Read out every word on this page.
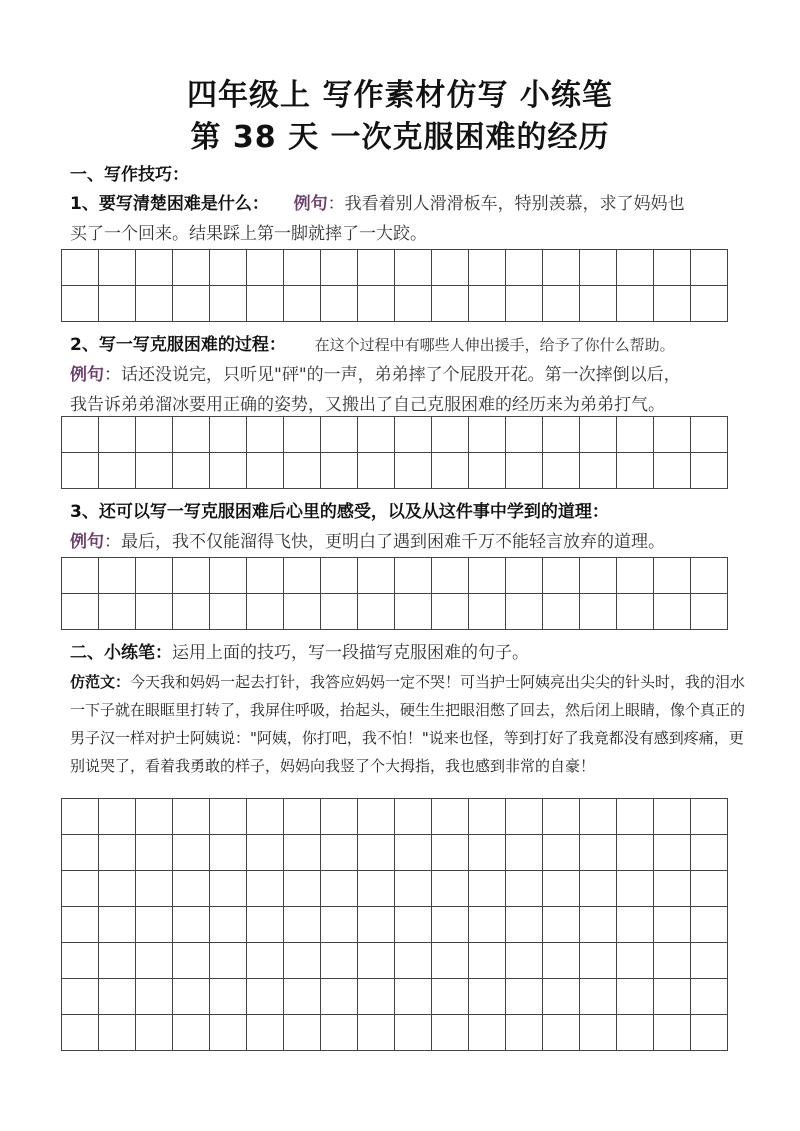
四年级上 写作素材仿写 小练笔
第 38 天 一次克服困难的经历
一、写作技巧：
1、要写清楚困难是什么： 例句：我看着别人滑滑板车，特别羡慕，求了妈妈也
买了一个回来。结果踩上第一脚就摔了一大跤。
2、写一写克服困难的过程： 在这个过程中有哪些人伸出援手，给予了你什么帮助。
例句：话还没说完，只听见"砰"的一声，弟弟摔了个屁股开花。第一次摔倒以后，
我告诉弟弟溜冰要用正确的姿势，又搬出了自己克服困难的经历来为弟弟打气。
3、还可以写一写克服困难后心里的感受，以及从这件事中学到的道理：
例句：最后，我不仅能溜得飞快，更明白了遇到困难千万不能轻言放弃的道理。
二、小练笔：运用上面的技巧，写一段描写克服困难的句子。
仿范文：今天我和妈妈一起去打针，我答应妈妈一定不哭！可当护士阿姨亮出尖尖的针头时，我的泪水一下子就在眼眶里打转了，我屏住呼吸，抬起头，硬生生把眼泪憋了回去，然后闭上眼睛，像个真正的男子汉一样对护士阿姨说："阿姨，你打吧，我不怕！"说来也怪，等到打好了我竟都没有感到疼痛，更别说哭了，看着我勇敢的样子，妈妈向我竖了个大拇指，我也感到非常的自豪！
